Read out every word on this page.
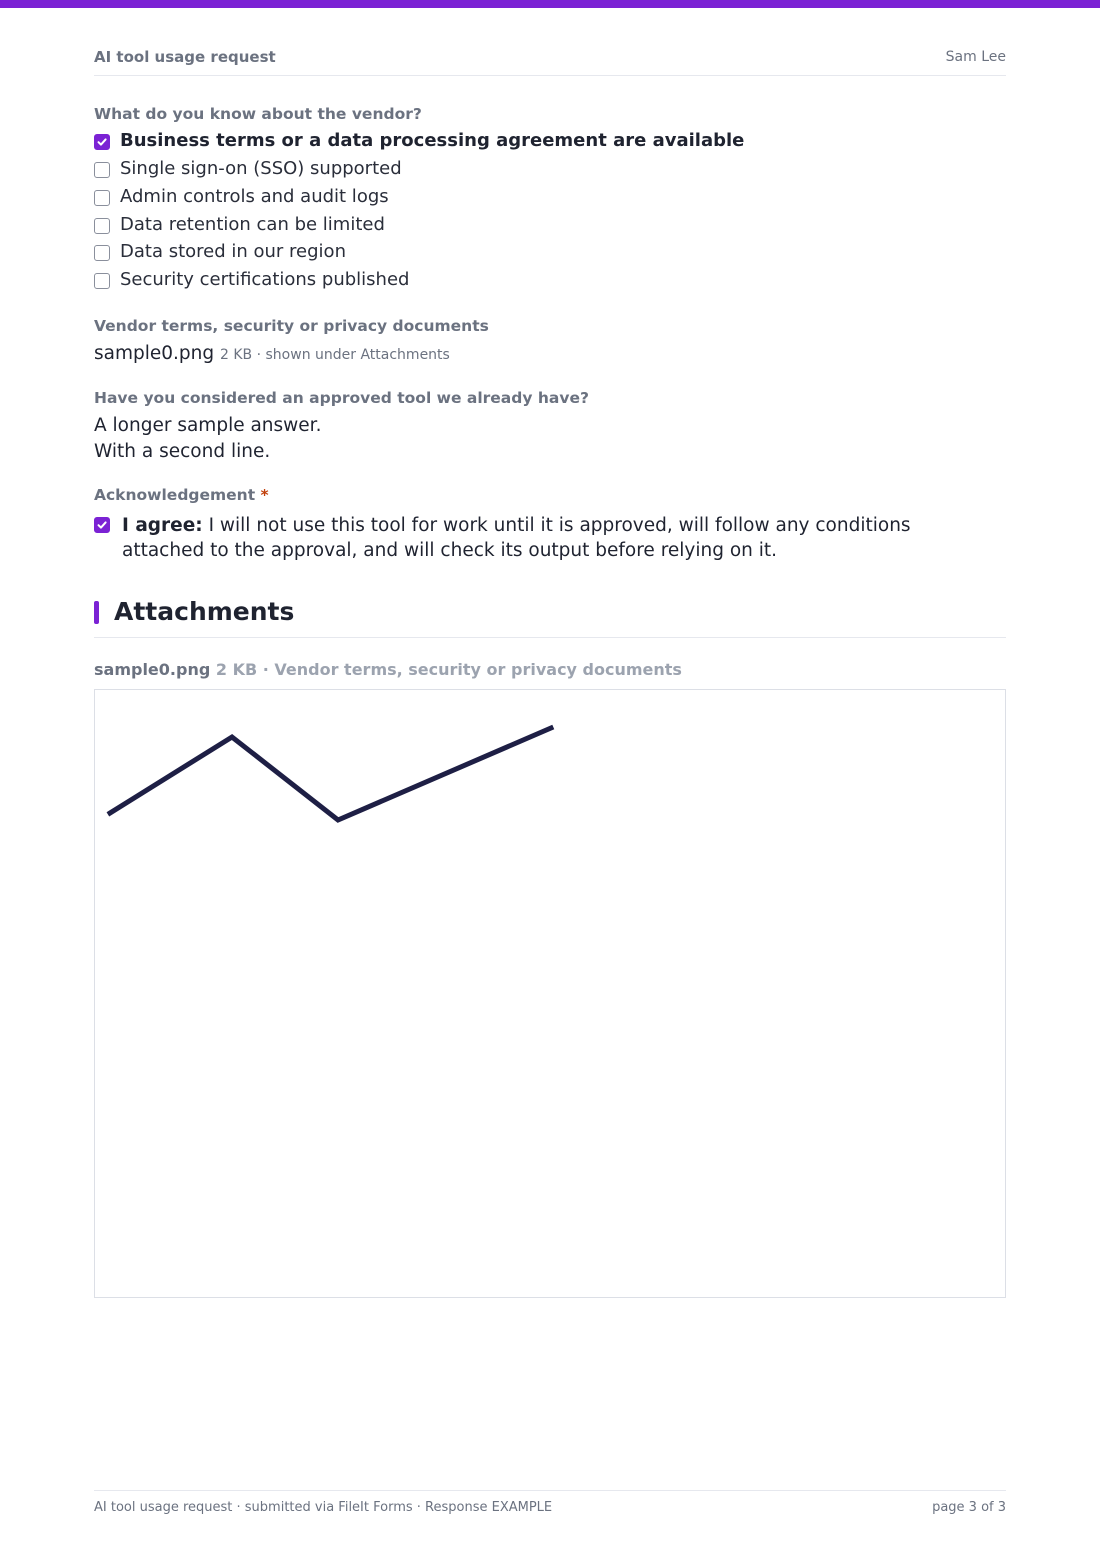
AI tool usage request	Sam Lee
What do you know about the vendor?
Business terms or a data processing agreement are available
Single sign-on (SSO) supported
Admin controls and audit logs
Data retention can be limited
Data stored in our region
Security certifications published
Vendor terms, security or privacy documents
sample0.png 2 KB · shown under Attachments
Have you considered an approved tool we already have?
A longer sample answer.
With a second line.
Acknowledgement *
I agree: I will not use this tool for work until it is approved, will follow any conditions attached to the approval, and will check its output before relying on it.
Attachments
sample0.png 2 KB · Vendor terms, security or privacy documents
AI tool usage request · submitted via FileIt Forms · Response EXAMPLE	page 3 of 3
